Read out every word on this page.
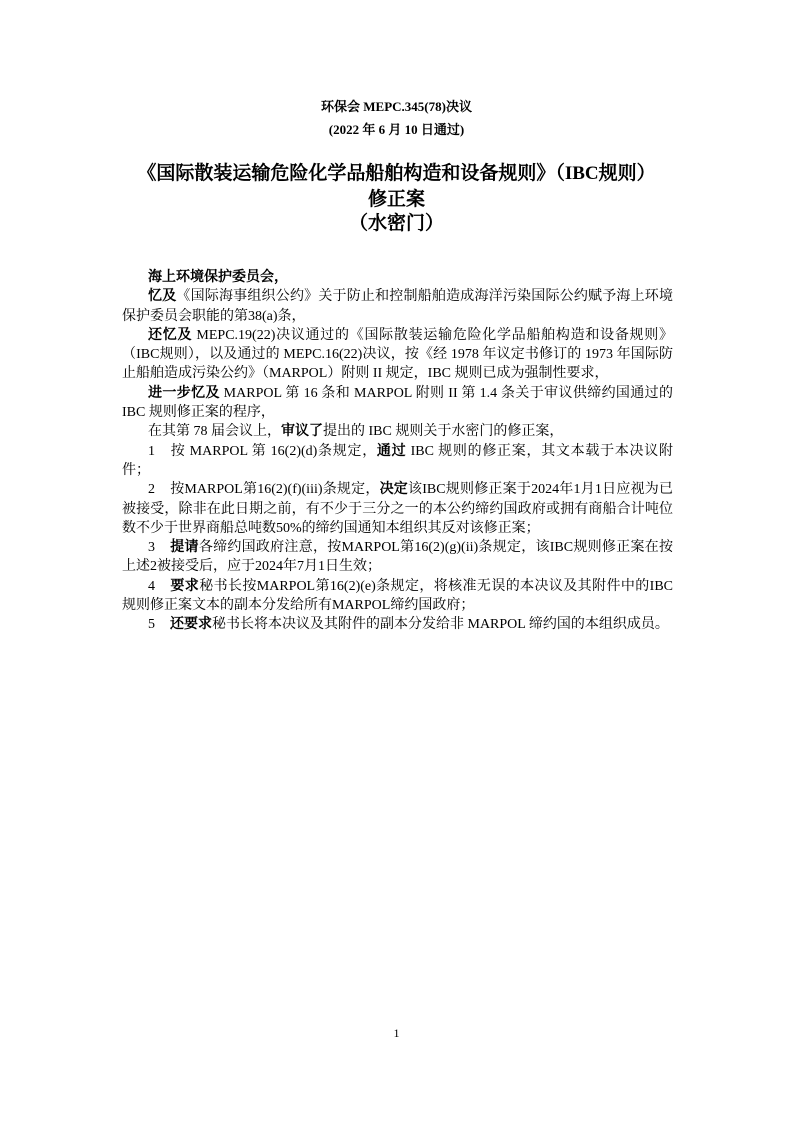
环保会 MEPC.345(78)决议
(2022 年 6 月 10 日通过)
《国际散装运输危险化学品船舶构造和设备规则》（IBC规则）
修正案
（水密门）

海上环境保护委员会，

忆及《国际海事组织公约》关于防止和控制船舶造成海洋污染国际公约赋予海上环境保护委员会职能的第38(a)条，

还忆及 MEPC.19(22)决议通过的《国际散装运输危险化学品船舶构造和设备规则》（IBC规则），以及通过的 MEPC.16(22)决议，按《经 1978 年议定书修订的 1973 年国际防止船舶造成污染公约》（MARPOL）附则 II 规定，IBC 规则已成为强制性要求，

进一步忆及 MARPOL 第 16 条和 MARPOL 附则 II 第 1.4 条关于审议供缔约国通过的 IBC 规则修正案的程序，

在其第 78 届会议上，审议了提出的 IBC 规则关于水密门的修正案，

1 按 MARPOL 第 16(2)(d)条规定，通过 IBC 规则的修正案，其文本载于本决议附件；

2 按MARPOL第16(2)(f)(iii)条规定，决定该IBC规则修正案于2024年1月1日应视为已被接受，除非在此日期之前，有不少于三分之一的本公约缔约国政府或拥有商船合计吨位数不少于世界商船总吨数50%的缔约国通知本组织其反对该修正案；

3 提请各缔约国政府注意，按MARPOL第16(2)(g)(ii)条规定，该IBC规则修正案在按上述2被接受后，应于2024年7月1日生效；

4 要求秘书长按MARPOL第16(2)(e)条规定，将核准无误的本决议及其附件中的IBC规则修正案文本的副本分发给所有MARPOL缔约国政府；

5 还要求秘书长将本决议及其附件的副本分发给非 MARPOL 缔约国的本组织成员。

1
